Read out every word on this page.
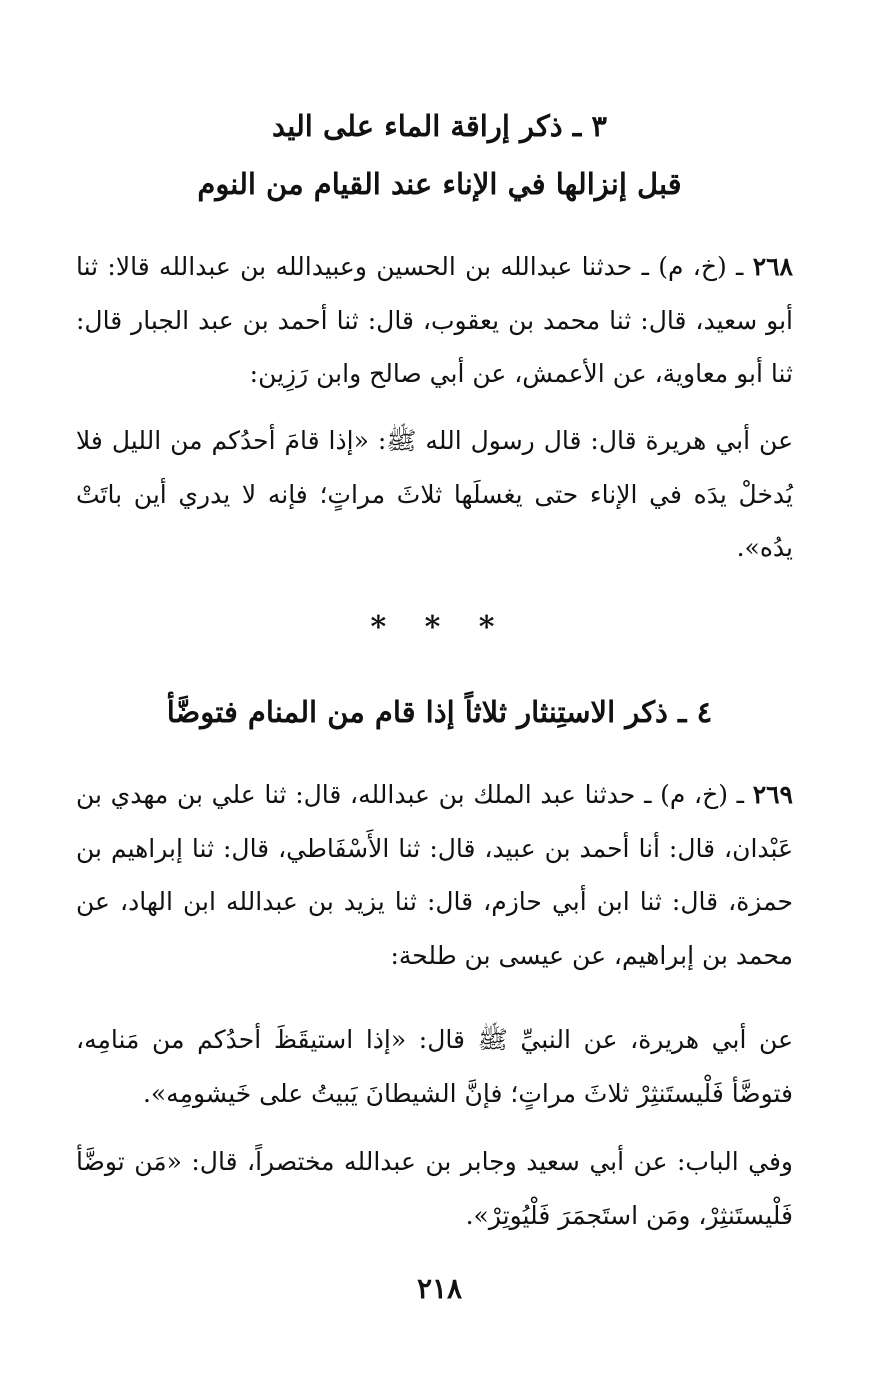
٣ ـ ذكر إراقة الماء على اليد
قبل إنزالها في الإناء عند القيام من النوم

٢٦٨ ـ (خ، م) ـ حدثنا عبدالله بن الحسين وعبيدالله بن عبدالله قالا: ثنا أبو سعيد، قال: ثنا محمد بن يعقوب، قال: ثنا أحمد بن عبد الجبار قال: ثنا أبو معاوية، عن الأعمش، عن أبي صالح وابن رَزِين:

عن أبي هريرة قال: قال رسول الله ﷺ: «إذا قامَ أحدُكم من الليل فلا يُدخلْ يدَه في الإناء حتى يغسلَها ثلاثَ مراتٍ؛ فإنه لا يدري أين باتَتْ يدُه».

* * *

٤ ـ ذكر الاستِنثار ثلاثاً إذا قام من المنام فتوضَّأ

٢٦٩ ـ (خ، م) ـ حدثنا عبد الملك بن عبدالله، قال: ثنا علي بن مهدي بن عَبْدان، قال: أنا أحمد بن عبيد، قال: ثنا الأَسْفَاطي، قال: ثنا إبراهيم بن حمزة، قال: ثنا ابن أبي حازم، قال: ثنا يزيد بن عبدالله ابن الهاد، عن محمد بن إبراهيم، عن عيسى بن طلحة:

عن أبي هريرة، عن النبيِّ ﷺ قال: «إذا استيقَظَ أحدُكم من مَنامِه، فتوضَّأ فَلْيستَنثِرْ ثلاثَ مراتٍ؛ فإنَّ الشيطانَ يَبيتُ على خَيشومِه».

وفي الباب: عن أبي سعيد وجابر بن عبدالله مختصراً، قال: «مَن توضَّأ فَلْيستَنثِرْ، ومَن استَجمَرَ فَلْيُوتِرْ».

٢١٨
